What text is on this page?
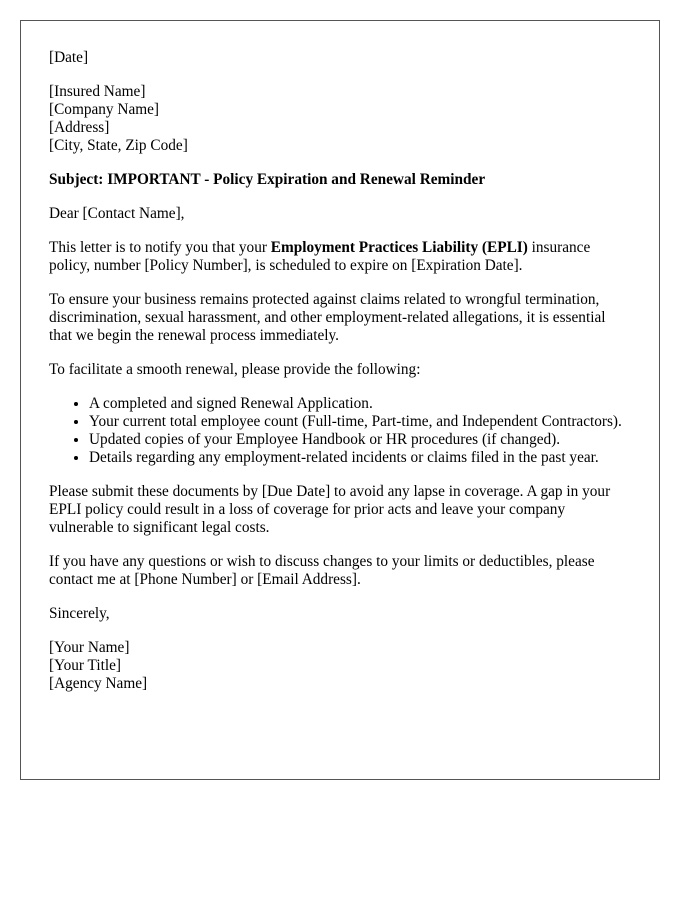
[Date]
[Insured Name]
[Company Name]
[Address]
[City, State, Zip Code]

Subject: IMPORTANT - Policy Expiration and Renewal Reminder

Dear [Contact Name],

This letter is to notify you that your Employment Practices Liability (EPLI) insurance policy, number [Policy Number], is scheduled to expire on [Expiration Date].

To ensure your business remains protected against claims related to wrongful termination, discrimination, sexual harassment, and other employment-related allegations, it is essential that we begin the renewal process immediately.

To facilitate a smooth renewal, please provide the following:

• A completed and signed Renewal Application.
• Your current total employee count (Full-time, Part-time, and Independent Contractors).
• Updated copies of your Employee Handbook or HR procedures (if changed).
• Details regarding any employment-related incidents or claims filed in the past year.

Please submit these documents by [Due Date] to avoid any lapse in coverage. A gap in your EPLI policy could result in a loss of coverage for prior acts and leave your company vulnerable to significant legal costs.

If you have any questions or wish to discuss changes to your limits or deductibles, please contact me at [Phone Number] or [Email Address].

Sincerely,

[Your Name]
[Your Title]
[Agency Name]
